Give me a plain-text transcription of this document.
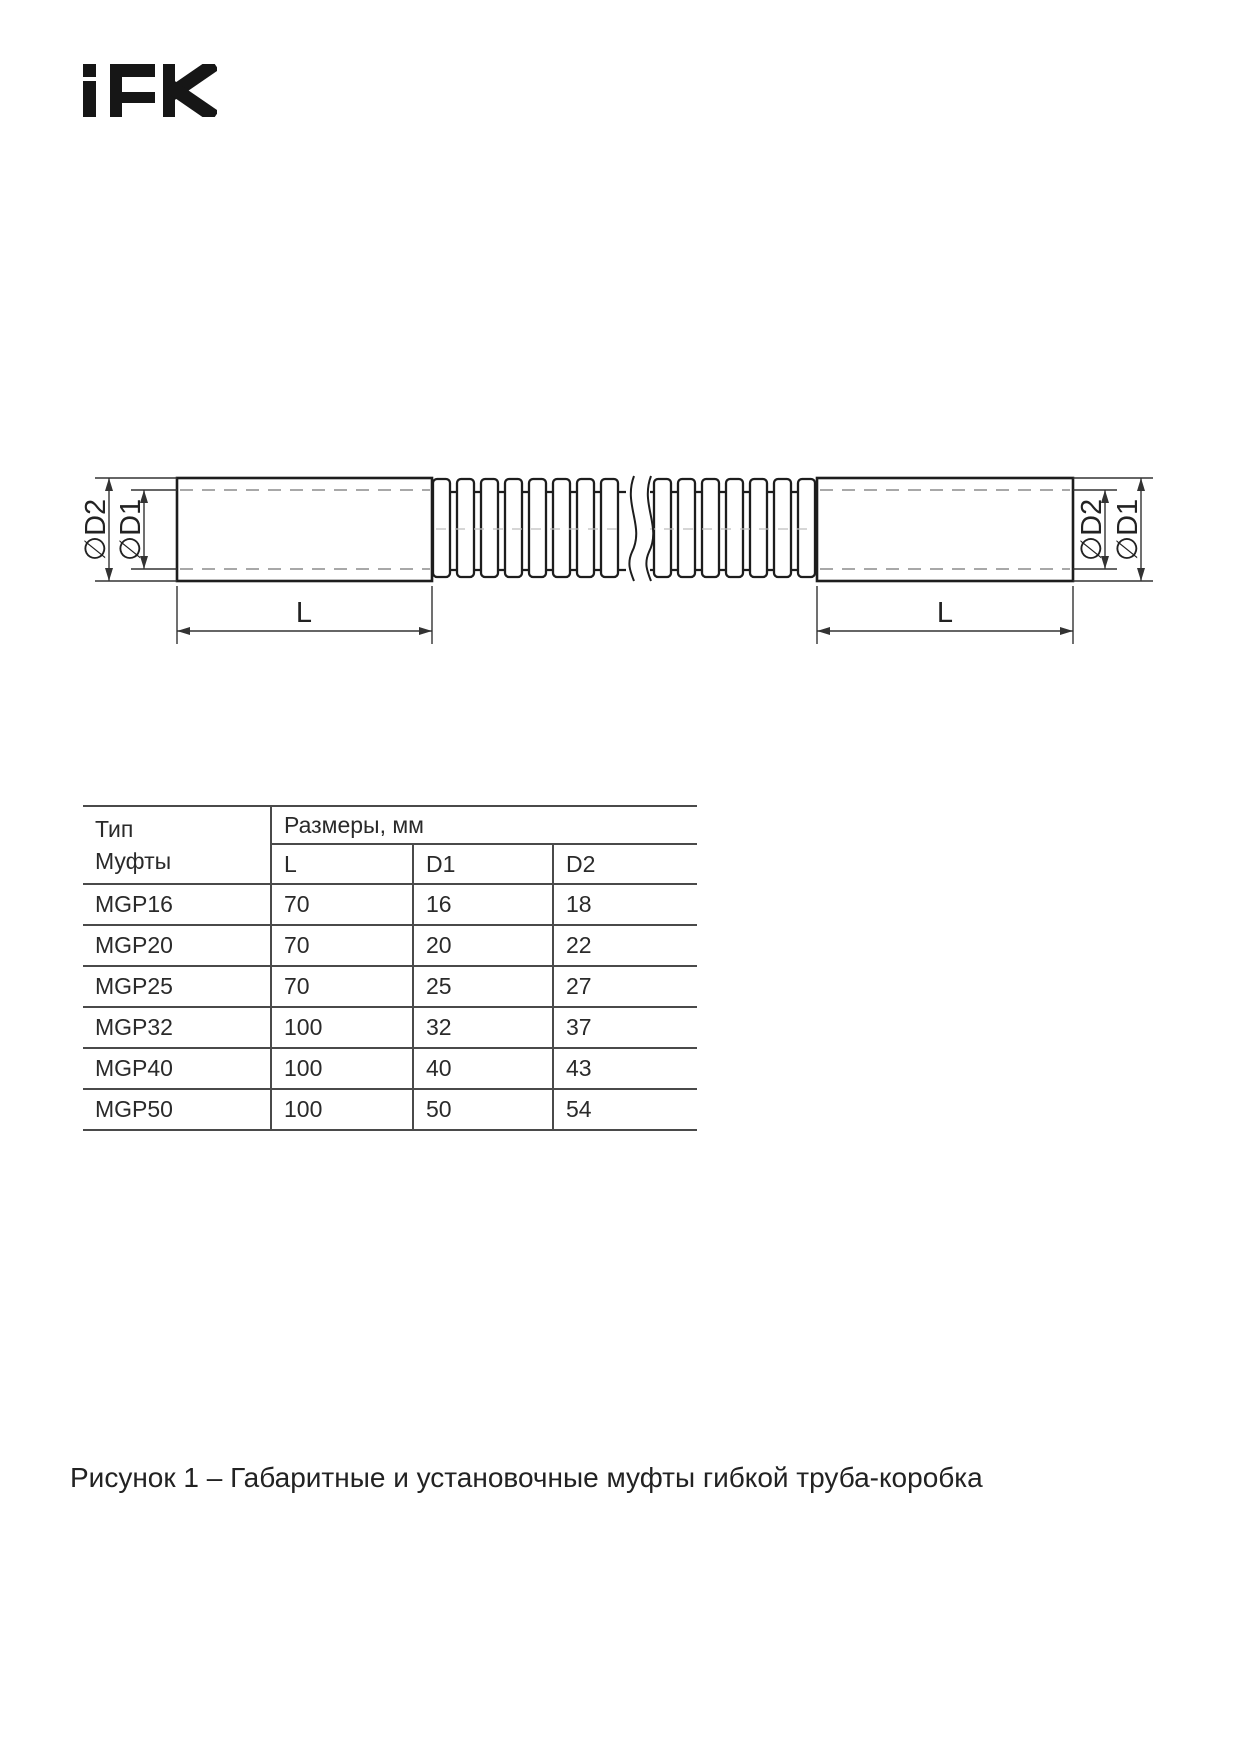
∅D2 ∅D1	∅D2 ∅D1
L	L
Тип
Муфты	Размеры, мм		
	L	D1	D2
MGP16	70	16	18
MGP20	70	20	22
MGP25	70	25	27
MGP32	100	32	37
MGP40	100	40	43
MGP50	100	50	54
Рисунок 1 – Габаритные и установочные муфты гибкой труба-коробка
